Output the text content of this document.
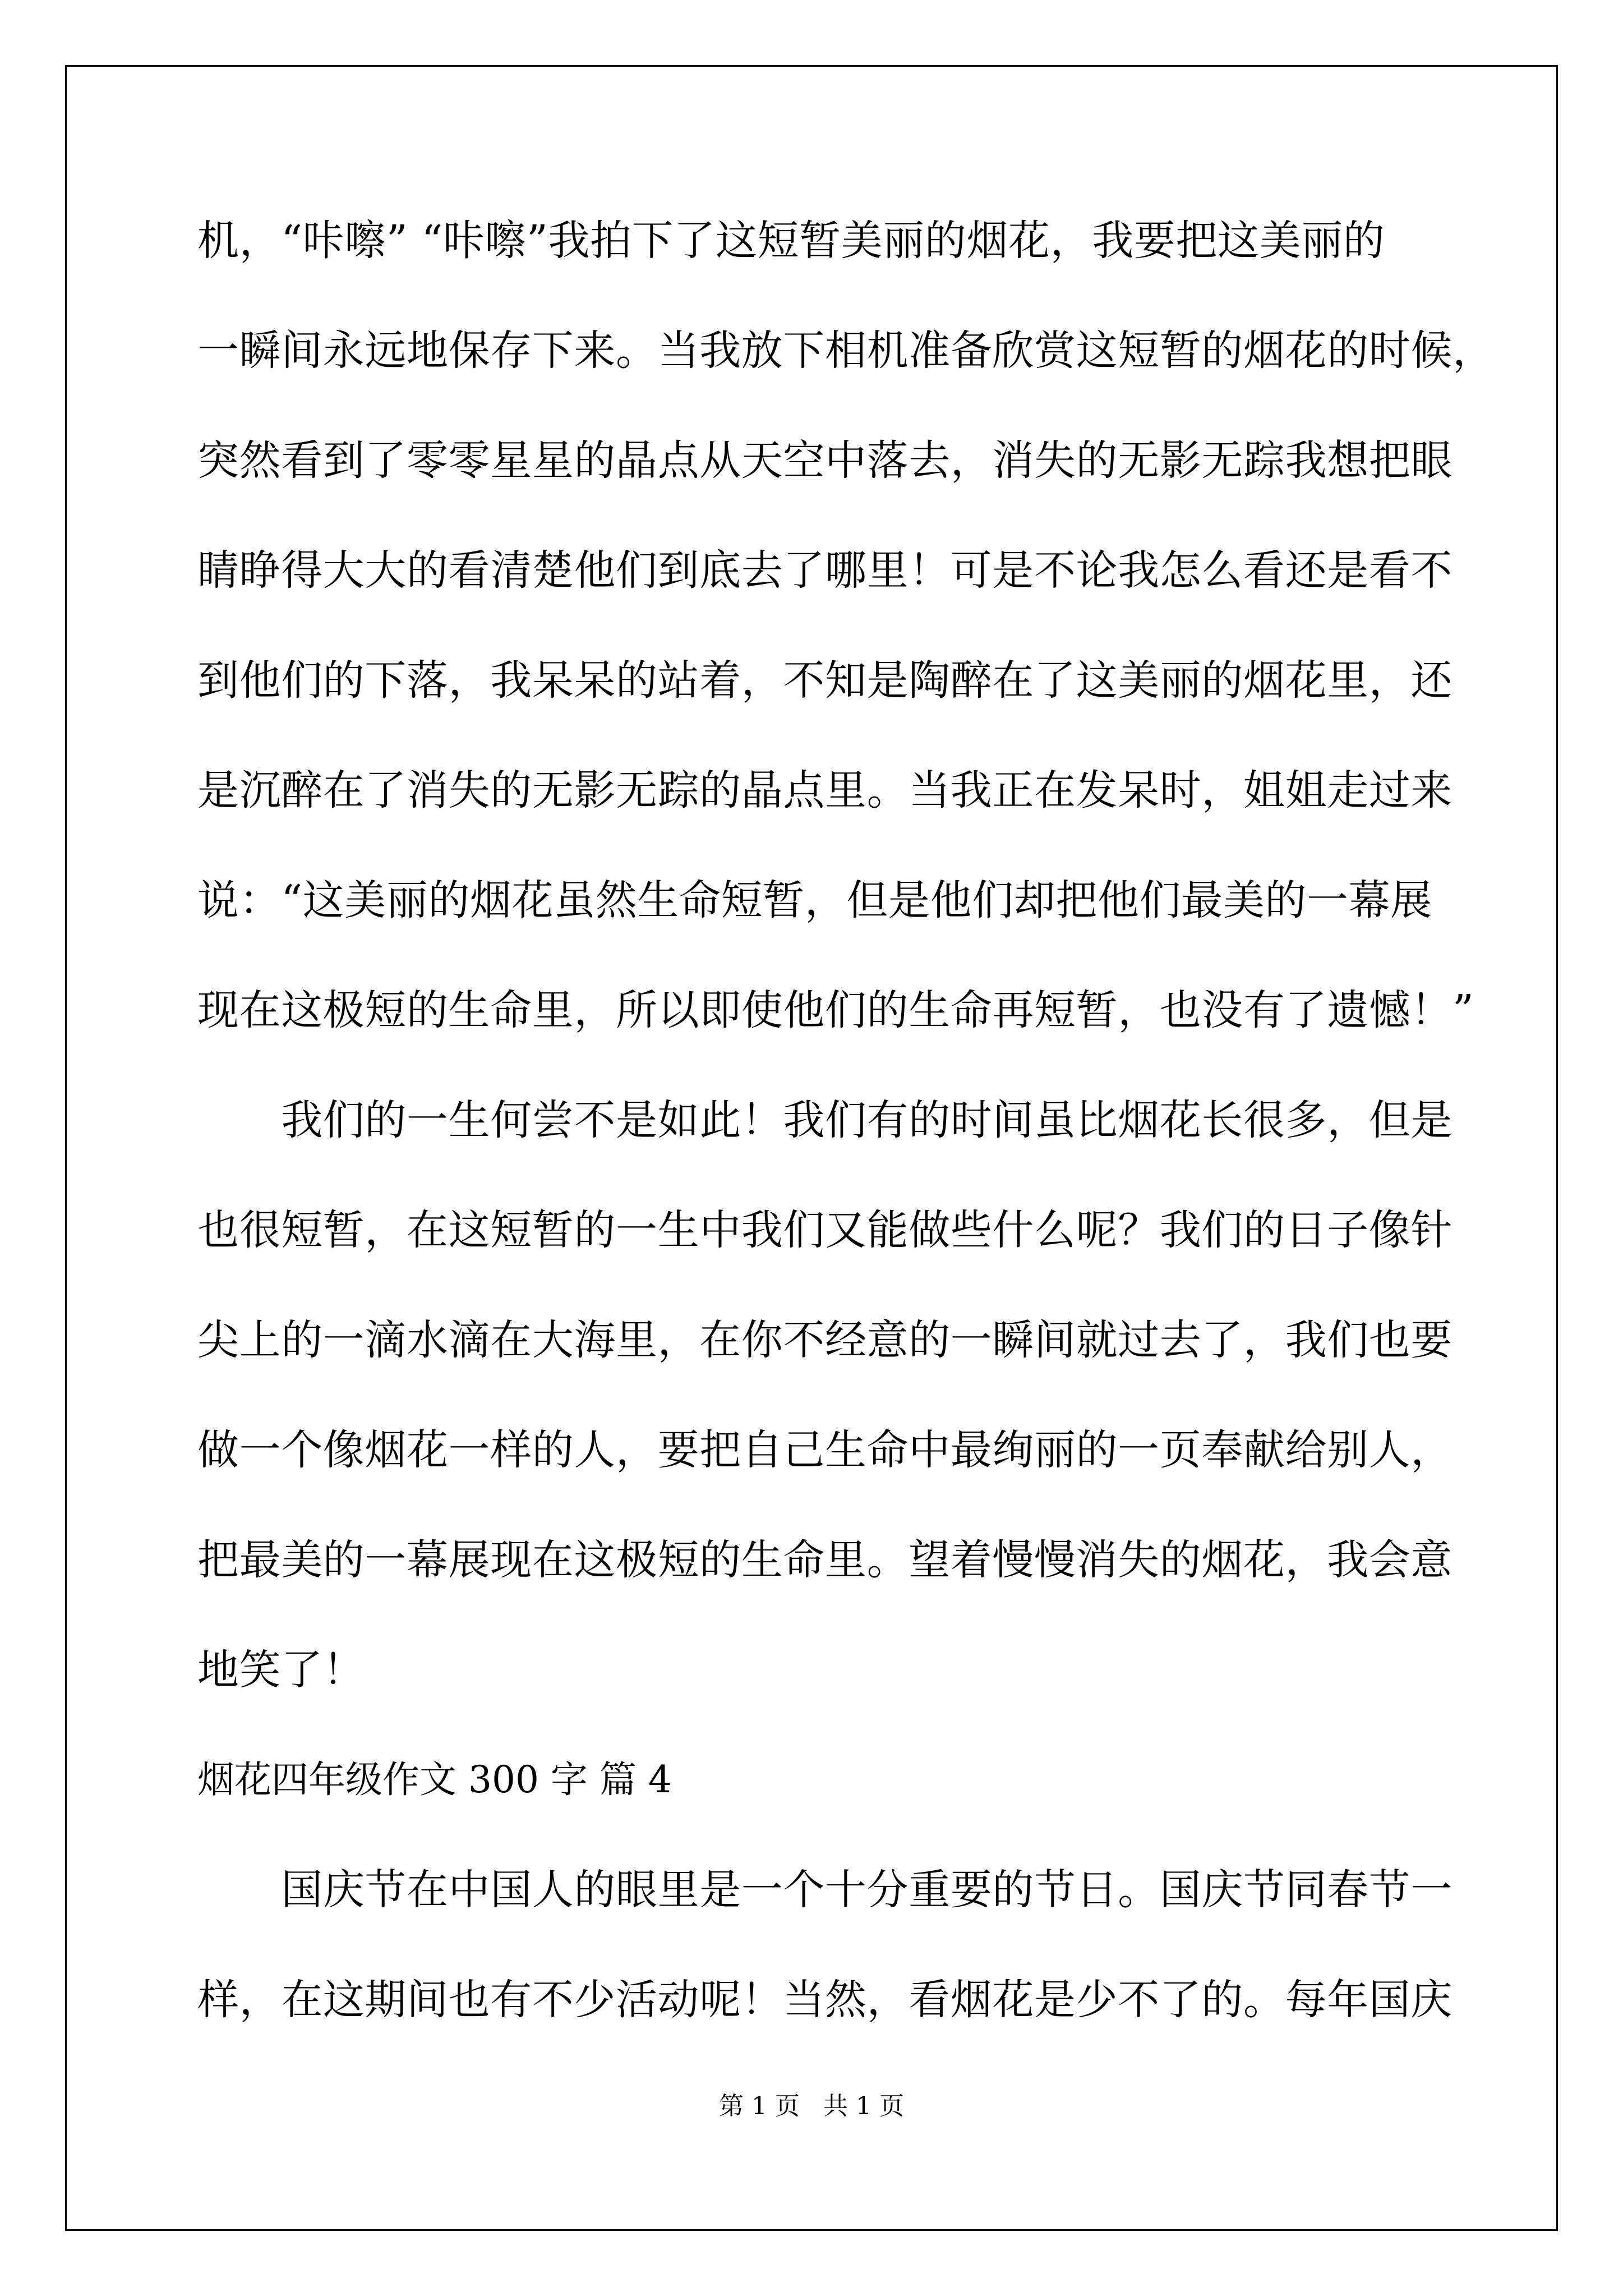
机，“咔嚓” “咔嚓”我拍下了这短暂美丽的烟花，我要把这美丽的
一瞬间永远地保存下来。当我放下相机准备欣赏这短暂的烟花的时候，
突然看到了零零星星的晶点从天空中落去，消失的无影无踪我想把眼
睛睁得大大的看清楚他们到底去了哪里！可是不论我怎么看还是看不
到他们的下落，我呆呆的站着，不知是陶醉在了这美丽的烟花里，还
是沉醉在了消失的无影无踪的晶点里。当我正在发呆时，姐姐走过来
说：“这美丽的烟花虽然生命短暂，但是他们却把他们最美的一幕展
现在这极短的生命里，所以即使他们的生命再短暂，也没有了遗憾！”
　　我们的一生何尝不是如此！我们有的时间虽比烟花长很多，但是
也很短暂，在这短暂的一生中我们又能做些什么呢？我们的日子像针
尖上的一滴水滴在大海里，在你不经意的一瞬间就过去了，我们也要
做一个像烟花一样的人，要把自己生命中最绚丽的一页奉献给别人，
把最美的一幕展现在这极短的生命里。望着慢慢消失的烟花，我会意
地笑了！
烟花四年级作文 300 字 篇 4
　　国庆节在中国人的眼里是一个十分重要的节日。国庆节同春节一
样，在这期间也有不少活动呢！当然，看烟花是少不了的。每年国庆
第 1 页   共 1 页
